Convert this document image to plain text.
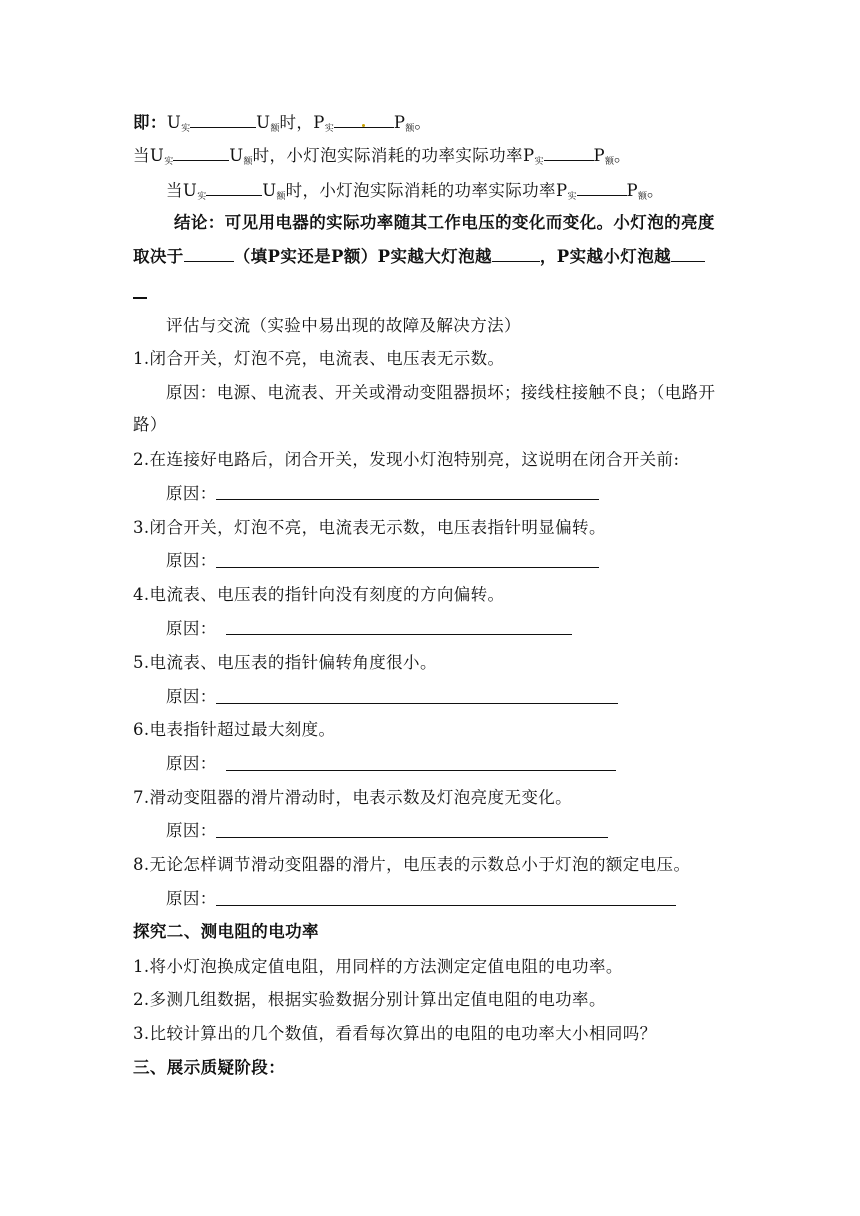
即：$U_实$	$U_额$时，$P_实$	$P_额$。
当$U_实$	$U_额$时，小灯泡实际消耗的功率实际功率$P_实$	$P_额$。
当$U_实$	$U_额$时，小灯泡实际消耗的功率实际功率$P_实$	$P_额$。
结论：可见用电器的实际功率随其工作电压的变化而变化。小灯泡的亮度
取决于	（填P实还是P额）P实越大灯泡越	，P实越小灯泡越
评估与交流（实验中易出现的故障及解决方法）
1.闭合开关，灯泡不亮，电流表、电压表无示数。
原因：电源、电流表、开关或滑动变阻器损坏；接线柱接触不良；（电路开
路）
2.在连接好电路后，闭合开关，发现小灯泡特别亮，这说明在闭合开关前:
原因：
3.闭合开关，灯泡不亮，电流表无示数，电压表指针明显偏转。
原因：
4.电流表、电压表的指针向没有刻度的方向偏转。
原因：
5.电流表、电压表的指针偏转角度很小。
原因：
6.电表指针超过最大刻度。
原因：
7.滑动变阻器的滑片滑动时，电表示数及灯泡亮度无变化。
原因：
8.无论怎样调节滑动变阻器的滑片，电压表的示数总小于灯泡的额定电压。
原因：
探究二、测电阻的电功率
1.将小灯泡换成定值电阻，用同样的方法测定定值电阻的电功率。
2.多测几组数据，根据实验数据分别计算出定值电阻的电功率。
3.比较计算出的几个数值，看看每次算出的电阻的电功率大小相同吗？
三、展示质疑阶段：
